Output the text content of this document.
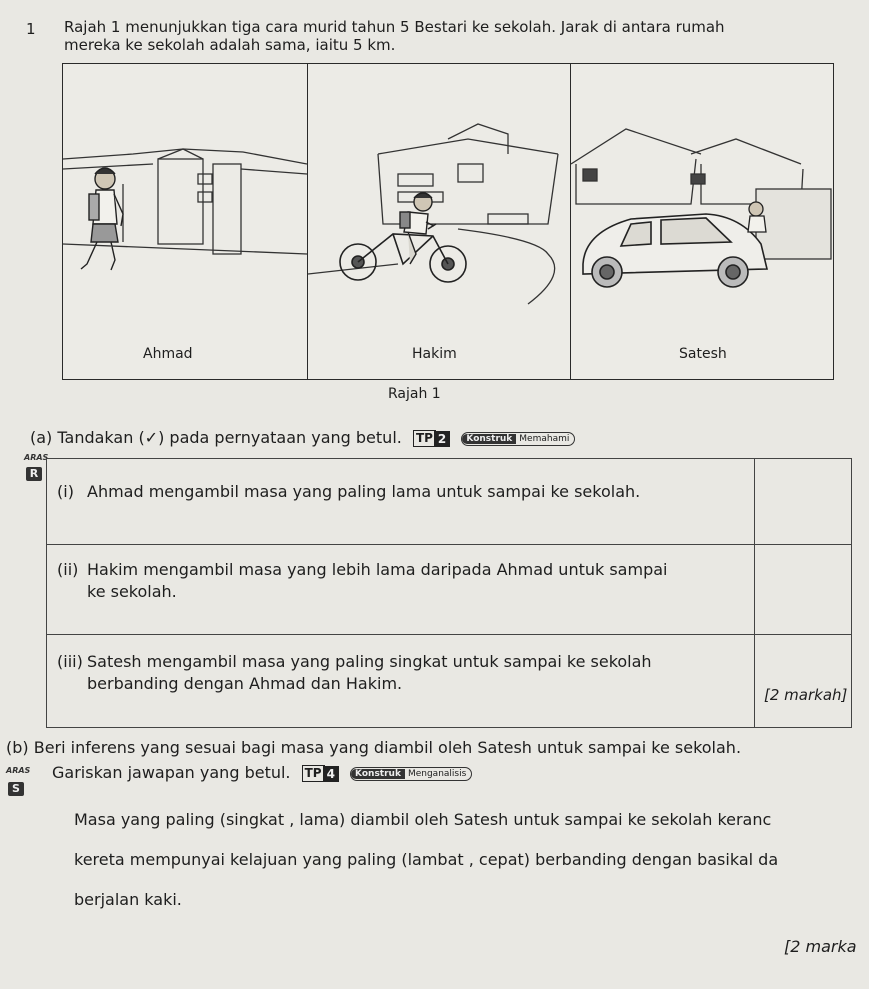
1 Rajah 1 menunjukkan tiga cara murid tahun 5 Bestari ke sekolah. Jarak di antara rumah
mereka ke sekolah adalah sama, iaitu 5 km.
Ahmad	Hakim	Satesh
Rajah 1
(a) Tandakan (✓) pada pernyataan yang betul. TP 2 Konstruk Memahami
ARAS
R
(i) Ahmad mengambil masa yang paling lama untuk sampai ke sekolah.	

(ii) Hakim mengambil masa yang lebih lama daripada Ahmad untuk sampai
ke sekolah.	

(iii) Satesh mengambil masa yang paling singkat untuk sampai ke sekolah
berbanding dengan Ahmad dan Hakim.	

[2 markah]
(b) Beri inferens yang sesuai bagi masa yang diambil oleh Satesh untuk sampai ke sekolah.
ARAS
S
Gariskan jawapan yang betul. TP 4 Konstruk Menganalisis
Masa yang paling (singkat , lama) diambil oleh Satesh untuk sampai ke sekolah keranc
kereta mempunyai kelajuan yang paling (lambat , cepat) berbanding dengan basikal da
berjalan kaki.
[2 marka
